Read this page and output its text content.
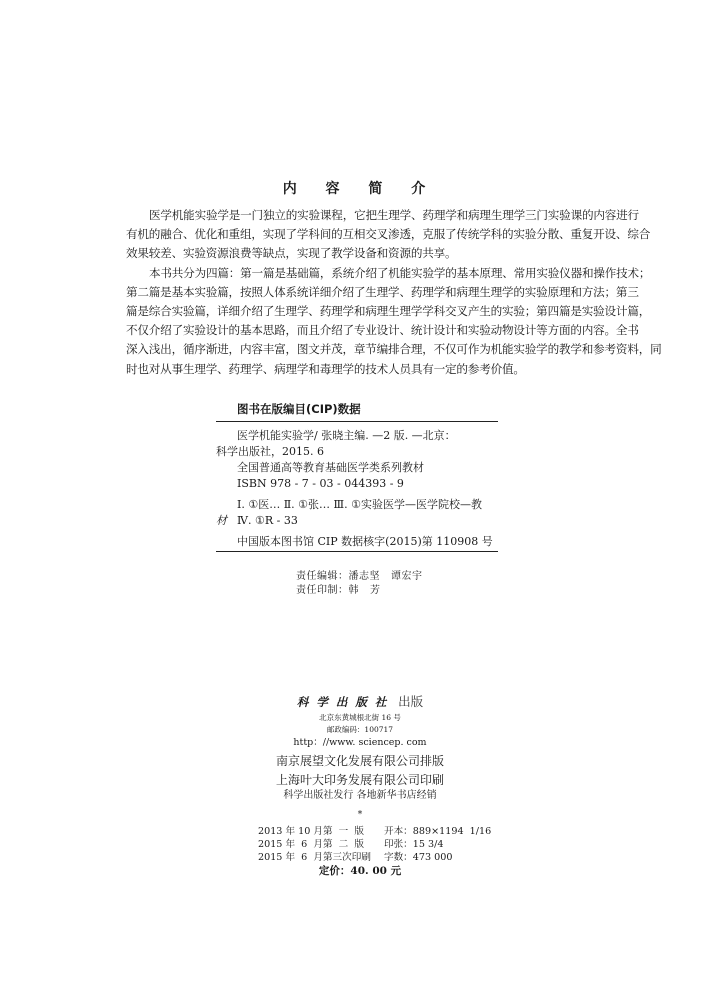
内 容 简 介
医学机能实验学是一门独立的实验课程，它把生理学、药理学和病理生理学三门实验课的内容进行
有机的融合、优化和重组，实现了学科间的互相交叉渗透，克服了传统学科的实验分散、重复开设、综合
效果较差、实验资源浪费等缺点，实现了教学设备和资源的共享。
本书共分为四篇：第一篇是基础篇，系统介绍了机能实验学的基本原理、常用实验仪器和操作技术；
第二篇是基本实验篇，按照人体系统详细介绍了生理学、药理学和病理生理学的实验原理和方法；第三
篇是综合实验篇，详细介绍了生理学、药理学和病理生理学学科交叉产生的实验；第四篇是实验设计篇，
不仅介绍了实验设计的基本思路，而且介绍了专业设计、统计设计和实验动物设计等方面的内容。全书
深入浅出，循序渐进，内容丰富，图文并茂，章节编排合理，不仅可作为机能实验学的教学和参考资料，同
时也对从事生理学、药理学、病理学和毒理学的技术人员具有一定的参考价值。
图书在版编目(CIP)数据
医学机能实验学/ 张晓主编. —2 版. —北京：
科学出版社，2015. 6
全国普通高等教育基础医学类系列教材
ISBN 978 - 7 - 03 - 044393 - 9
Ⅰ. ①医… Ⅱ. ①张… Ⅲ. ①实验医学—医学院校—教
材 Ⅳ. ①R - 33
中国版本图书馆 CIP 数据核字(2015)第 110908 号
责任编辑：潘志坚   谭宏宇
责任印制：韩   芳
科学出版社 出版
北京东黄城根北街 16 号
邮政编码：100717
http：//www. sciencep. com
南京展望文化发展有限公司排版
上海叶大印务发展有限公司印刷
科学出版社发行 各地新华书店经销
*
2013 年 10 月第  一  版	开本：889×1194  1/16
2015 年  6  月第  二  版	印张：15 3/4
2015 年  6  月第三次印刷	字数：473 000
定价：40. 00 元
